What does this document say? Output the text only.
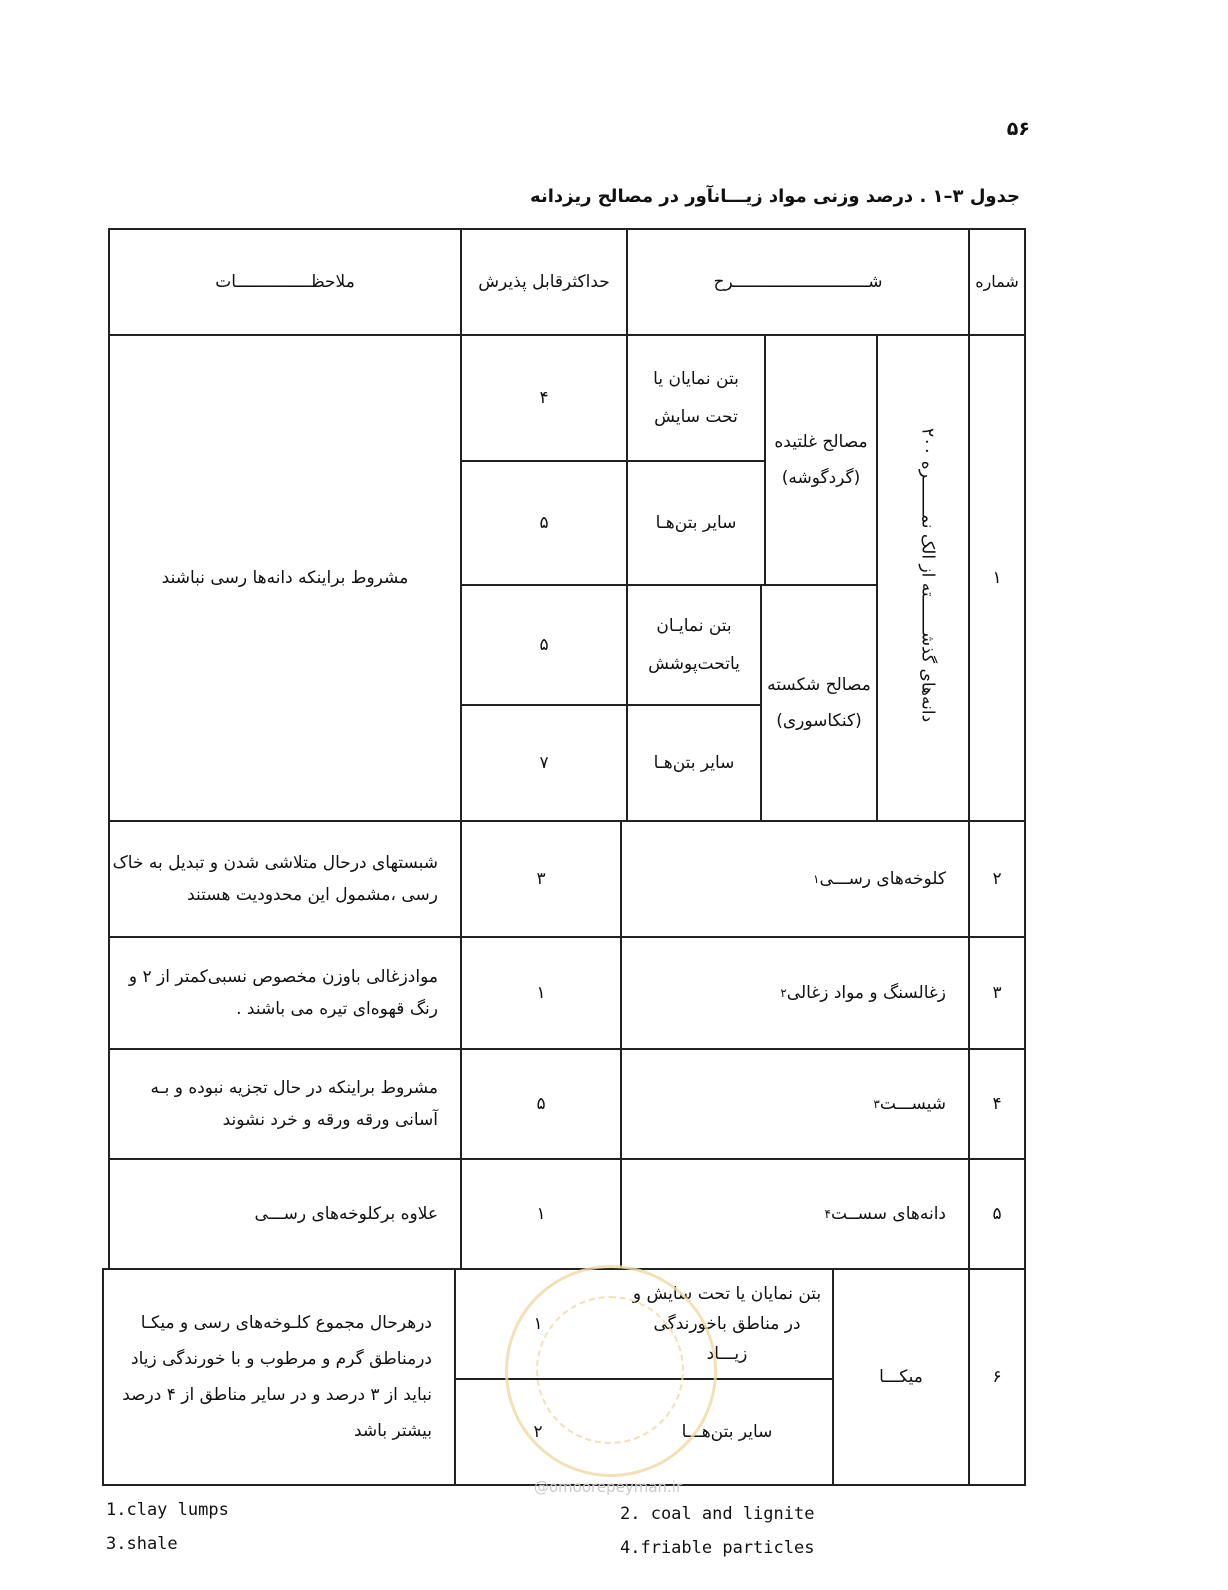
۵۶
جدول ۳–۱ . درصد وزنی مواد زیـــانآور در مصالح ریزدانه
شماره
شـــــــــــــــــــــــــــرح
حداکثرقابل پذیرش
ملاحظـــــــــــــــات
۱
دانه‌های گذشـــــــته از الک نمـــــــره ۲۰۰
مصالح غلتیده (گردگوشه)
مصالح شکسته (کنکاسوری)
بتن نمایان یا تحت سایش
۴
سایر بتن‌هـا
۵
بتن نمایـان یاتحت‌پوشش
۵
سایر بتن‌هـا
۷
مشروط براینکه دانه‌ها رسی نباشند
۲
کلوخه‌های رســـی
۱
۳
شبستهای درحال متلاشی شدن و تبدیل به خاک رسی ،مشمول این محدودیت هستند
۳
زغالسنگ و مواد زغالی
۲
۱
موادزغالی باوزن مخصوص نسبی‌کمتر از ۲ و رنگ قهوه‌ای تیره می باشند .
۴
شیســـت
۳
۵
مشروط براینکه در حال تجزیه نبوده و بـه آسانی ورقه ورقه و خرد نشوند
۵
دانه‌های سســت
۴
۱
علاوه برکلوخه‌های رســـی
۶
میکـــا
بتن نمایان یا تحت سایش و در مناطق باخورندگی زیـــاد
۱
سایر بتن‌هـــا
۲
درهرحال مجموع کلـوخه‌های رسی و میکـا درمناطق گرم و مرطوب و با خورندگی زیاد نباید از ۳ درصد و در سایر مناطق از ۴ درصد بیشتر باشد
@omoorepeyman.ir
1.clay lumps	2. coal and lignite
3.shale	4.friable particles
